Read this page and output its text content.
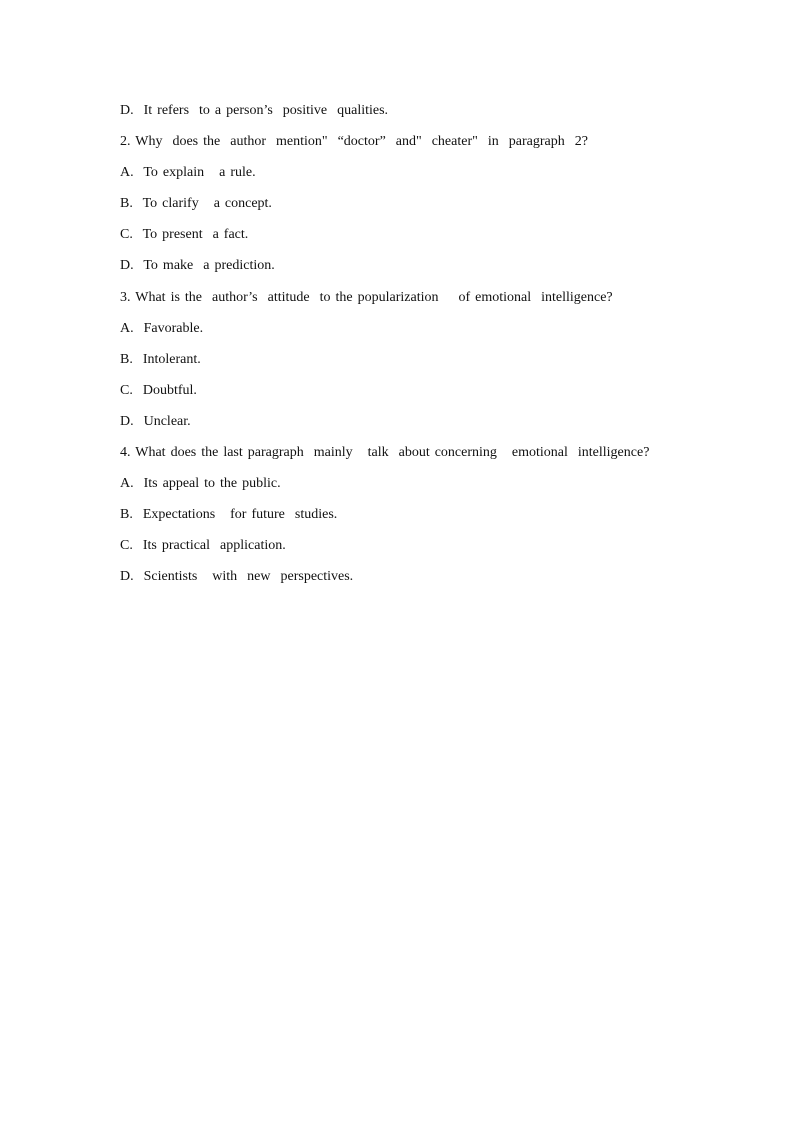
D.  It refers  to a person’s  positive  qualities.
2. Why  does the  author  mention"  “doctor”  and"  cheater"  in  paragraph  2?
A.  To explain   a rule.
B.  To clarify   a concept.
C.  To present  a fact.
D.  To make  a prediction.
3. What is the  author’s  attitude  to the popularization    of emotional  intelligence?
A.  Favorable.
B.  Intolerant.
C.  Doubtful.
D.  Unclear.
4. What does the last paragraph  mainly   talk  about concerning   emotional  intelligence?
A.  Its appeal to the public.
B.  Expectations   for future  studies.
C.  Its practical  application.
D.  Scientists   with  new  perspectives.
